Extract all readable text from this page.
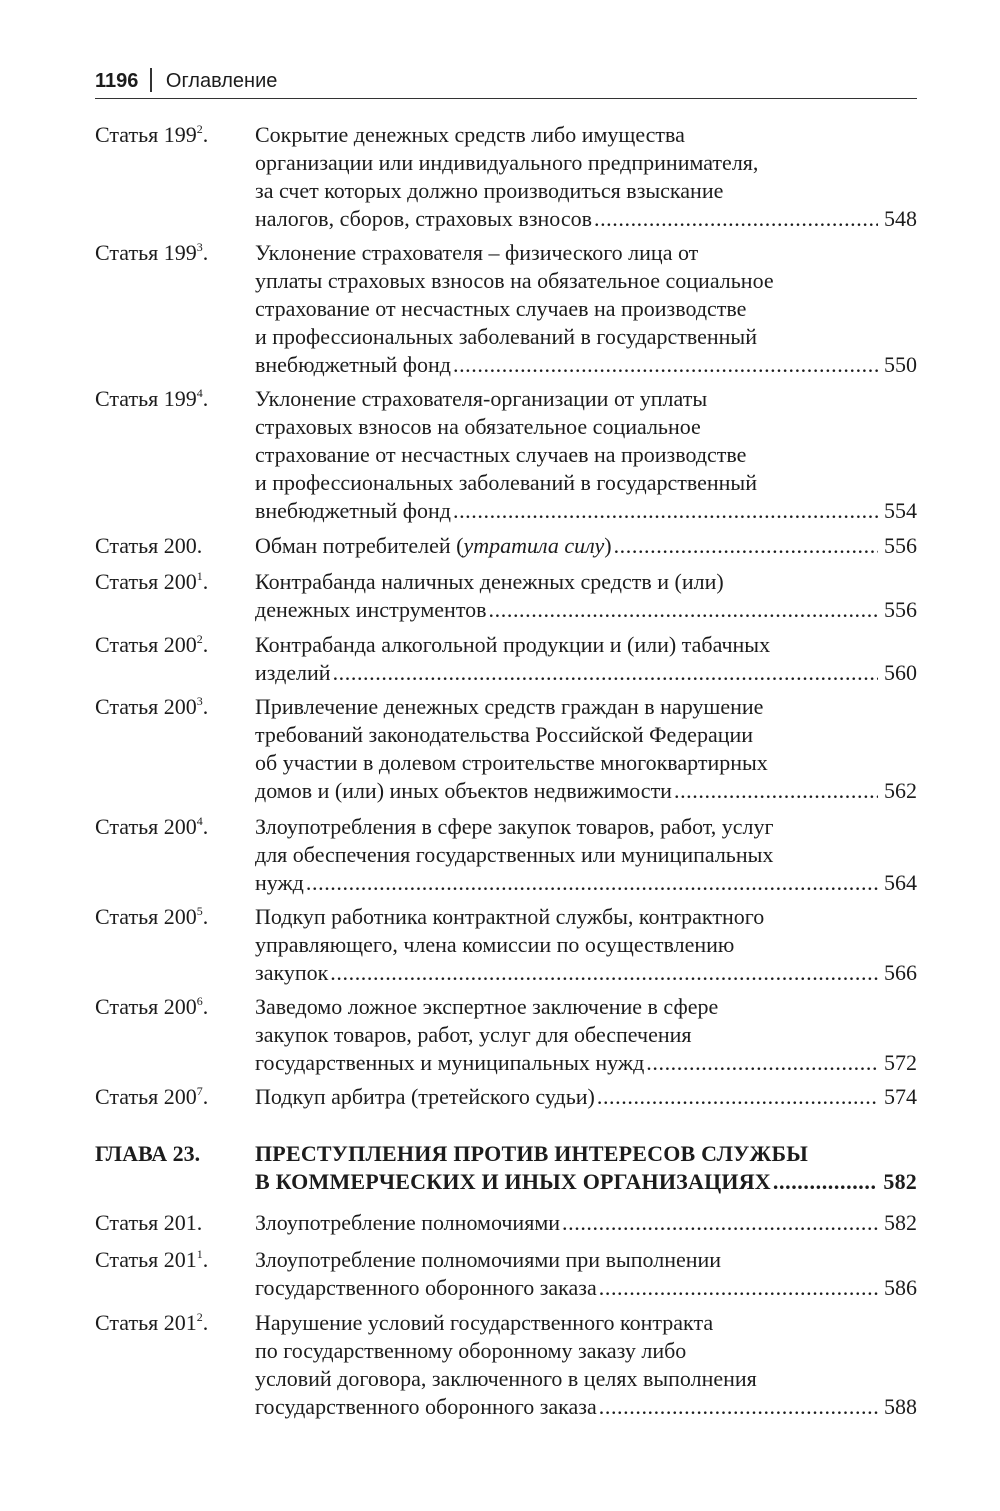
1196 Оглавление
Статья $199^2$. Сокрытие денежных средств либо имущества
организации или индивидуального предпринимателя,
за счет которых должно производиться взыскание
налогов, сборов, страховых взносов .....	548
Статья $199^3$. Уклонение страхователя – физического лица от
уплаты страховых взносов на обязательное социальное
страхование от несчастных случаев на производстве
и профессиональных заболеваний в государственный
внебюджетный фонд .....	550
Статья $199^4$. Уклонение страхователя-организации от уплаты
страховых взносов на обязательное социальное
страхование от несчастных случаев на производстве
и профессиональных заболеваний в государственный
внебюджетный фонд .....	554
Статья 200. Обман потребителей (утратила силу) .....	556
Статья $200^1$. Контрабанда наличных денежных средств и (или)
денежных инструментов .....	556
Статья $200^2$. Контрабанда алкогольной продукции и (или) табачных
изделий .....	560
Статья $200^3$. Привлечение денежных средств граждан в нарушение
требований законодательства Российской Федерации
об участии в долевом строительстве многоквартирных
домов и (или) иных объектов недвижимости .....	562
Статья $200^4$. Злоупотребления в сфере закупок товаров, работ, услуг
для обеспечения государственных или муниципальных
нужд .....	564
Статья $200^5$. Подкуп работника контрактной службы, контрактного
управляющего, члена комиссии по осуществлению
закупок .....	566
Статья $200^6$. Заведомо ложное экспертное заключение в сфере
закупок товаров, работ, услуг для обеспечения
государственных и муниципальных нужд .....	572
Статья $200^7$. Подкуп арбитра (третейского судьи) .....	574
ГЛАВА 23. ПРЕСТУПЛЕНИЯ ПРОТИВ ИНТЕРЕСОВ СЛУЖБЫ
В КОММЕРЧЕСКИХ И ИНЫХ ОРГАНИЗАЦИЯХ .....	582
Статья 201. Злоупотребление полномочиями .....	582
Статья $201^1$. Злоупотребление полномочиями при выполнении
государственного оборонного заказа .....	586
Статья $201^2$. Нарушение условий государственного контракта
по государственному оборонному заказу либо
условий договора, заключенного в целях выполнения
государственного оборонного заказа .....	588
